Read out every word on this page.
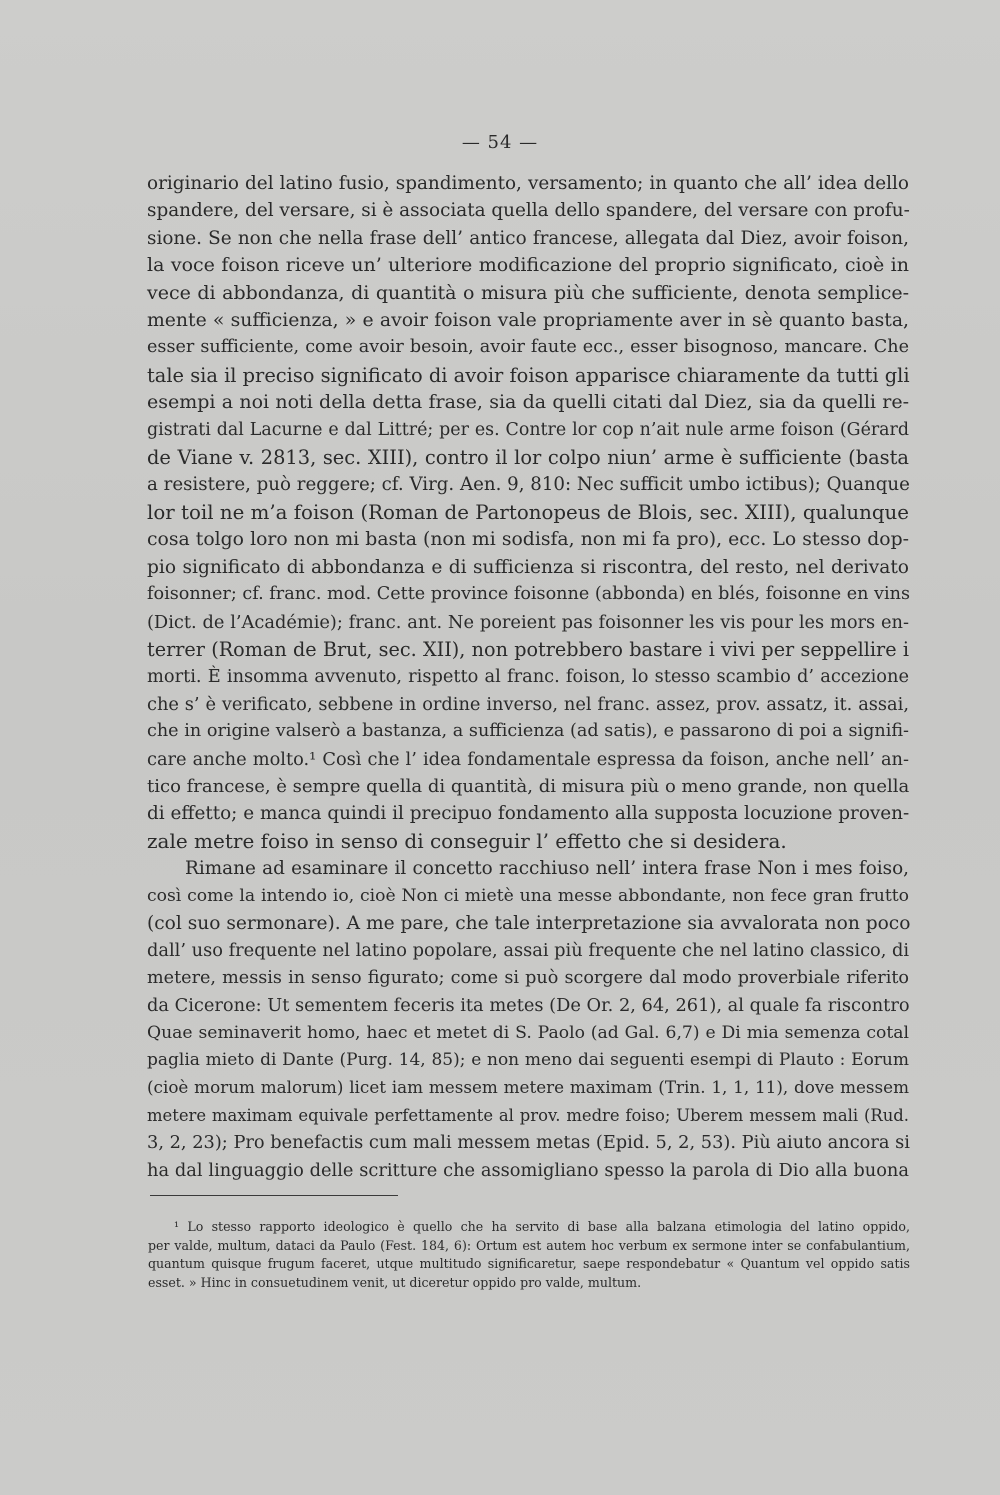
— 54 —
originario del latino fusio, spandimento, versamento; in quanto che all’ idea dello
spandere, del versare, si è associata quella dello spandere, del versare con profu-
sione. Se non che nella frase dell’ antico francese, allegata dal Diez, avoir foison,
la voce foison riceve un’ ulteriore modificazione del proprio significato, cioè in
vece di abbondanza, di quantità o misura più che sufficiente, denota semplice-
mente « sufficienza, » e avoir foison vale propriamente aver in sè quanto basta,
esser sufficiente, come avoir besoin, avoir faute ecc., esser bisognoso, mancare. Che
tale sia il preciso significato di avoir foison apparisce chiaramente da tutti gli
esempi a noi noti della detta frase, sia da quelli citati dal Diez, sia da quelli re-
gistrati dal Lacurne e dal Littré; per es. Contre lor cop n’ait nule arme foison (Gérard
de Viane v. 2813, sec. XIII), contro il lor colpo niun’ arme è sufficiente (basta
a resistere, può reggere; cf. Virg. Aen. 9, 810: Nec sufficit umbo ictibus); Quanque
lor toil ne m’a foison (Roman de Partonopeus de Blois, sec. XIII), qualunque
cosa tolgo loro non mi basta (non mi sodisfa, non mi fa pro), ecc. Lo stesso dop-
pio significato di abbondanza e di sufficienza si riscontra, del resto, nel derivato
foisonner; cf. franc. mod. Cette province foisonne (abbonda) en blés, foisonne en vins
(Dict. de l’Académie); franc. ant. Ne poreient pas foisonner les vis pour les mors en-
terrer (Roman de Brut, sec. XII), non potrebbero bastare i vivi per seppellire i
morti. È insomma avvenuto, rispetto al franc. foison, lo stesso scambio d’ accezione
che s’ è verificato, sebbene in ordine inverso, nel franc. assez, prov. assatz, it. assai,
che in origine valserò a bastanza, a sufficienza (ad satis), e passarono di poi a signifi-
care anche molto.¹ Così che l’ idea fondamentale espressa da foison, anche nell’ an-
tico francese, è sempre quella di quantità, di misura più o meno grande, non quella
di effetto; e manca quindi il precipuo fondamento alla supposta locuzione proven-
zale metre foiso in senso di conseguir l’ effetto che si desidera.
Rimane ad esaminare il concetto racchiuso nell’ intera frase Non i mes foiso,
così come la intendo io, cioè Non ci mietè una messe abbondante, non fece gran frutto
(col suo sermonare). A me pare, che tale interpretazione sia avvalorata non poco
dall’ uso frequente nel latino popolare, assai più frequente che nel latino classico, di
metere, messis in senso figurato; come si può scorgere dal modo proverbiale riferito
da Cicerone: Ut sementem feceris ita metes (De Or. 2, 64, 261), al quale fa riscontro
Quae seminaverit homo, haec et metet di S. Paolo (ad Gal. 6,7) e Di mia semenza cotal
paglia mieto di Dante (Purg. 14, 85); e non meno dai seguenti esempi di Plauto : Eorum
(cioè morum malorum) licet iam messem metere maximam (Trin. 1, 1, 11), dove messem
metere maximam equivale perfettamente al prov. medre foiso; Uberem messem mali (Rud.
3, 2, 23); Pro benefactis cum mali messem metas (Epid. 5, 2, 53). Più aiuto ancora si
ha dal linguaggio delle scritture che assomigliano spesso la parola di Dio alla buona
¹ Lo stesso rapporto ideologico è quello che ha servito di base alla balzana etimologia del latino oppido,
per valde, multum, dataci da Paulo (Fest. 184, 6): Ortum est autem hoc verbum ex sermone inter se confabulantium,
quantum quisque frugum faceret, utque multitudo significaretur, saepe respondebatur « Quantum vel oppido satis
esset. » Hinc in consuetudinem venit, ut diceretur oppido pro valde, multum.
